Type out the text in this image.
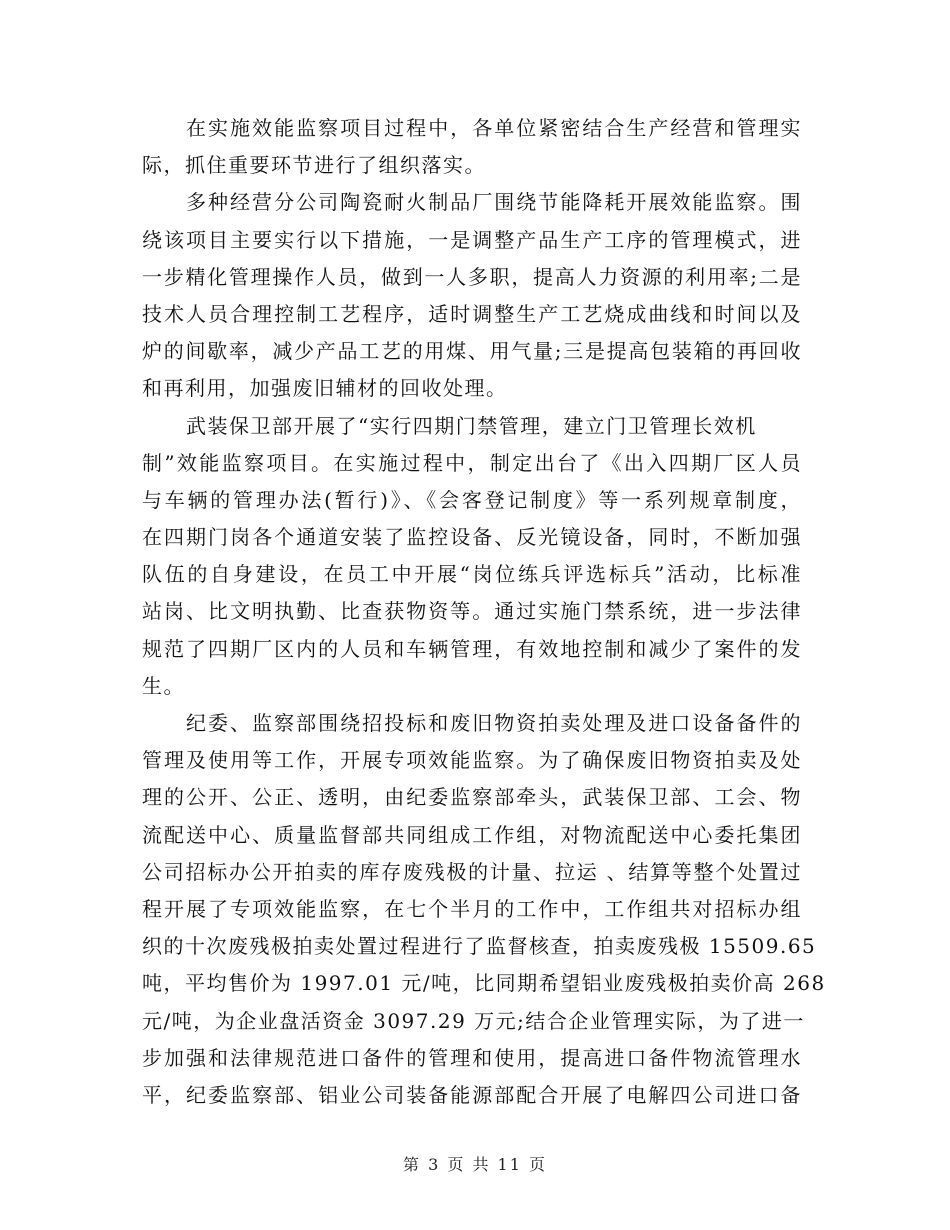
在实施效能监察项目过程中，各单位紧密结合生产经营和管理实
际，抓住重要环节进行了组织落实。
多种经营分公司陶瓷耐火制品厂围绕节能降耗开展效能监察。围
绕该项目主要实行以下措施，一是调整产品生产工序的管理模式，进
一步精化管理操作人员，做到一人多职，提高人力资源的利用率;二是
技术人员合理控制工艺程序，适时调整生产工艺烧成曲线和时间以及
炉的间歇率，减少产品工艺的用煤、用气量;三是提高包装箱的再回收
和再利用，加强废旧辅材的回收处理。
武装保卫部开展了“实行四期门禁管理，建立门卫管理长效机
制”效能监察项目。在实施过程中，制定出台了《出入四期厂区人员
与车辆的管理办法(暂行)》、《会客登记制度》等一系列规章制度，
在四期门岗各个通道安装了监控设备、反光镜设备，同时，不断加强
队伍的自身建设，在员工中开展“岗位练兵评选标兵”活动，比标准
站岗、比文明执勤、比查获物资等。通过实施门禁系统，进一步法律
规范了四期厂区内的人员和车辆管理，有效地控制和减少了案件的发
生。
纪委、监察部围绕招投标和废旧物资拍卖处理及进口设备备件的
管理及使用等工作，开展专项效能监察。为了确保废旧物资拍卖及处
理的公开、公正、透明，由纪委监察部牵头，武装保卫部、工会、物
流配送中心、质量监督部共同组成工作组，对物流配送中心委托集团
公司招标办公开拍卖的库存废残极的计量、拉运 、结算等整个处置过
程开展了专项效能监察，在七个半月的工作中，工作组共对招标办组
织的十次废残极拍卖处置过程进行了监督核查，拍卖废残极 15509.65
吨，平均售价为 1997.01 元/吨，比同期希望铝业废残极拍卖价高 268
元/吨，为企业盘活资金 3097.29 万元;结合企业管理实际，为了进一
步加强和法律规范进口备件的管理和使用，提高进口备件物流管理水
平，纪委监察部、铝业公司装备能源部配合开展了电解四公司进口备
第 3 页 共 11 页
